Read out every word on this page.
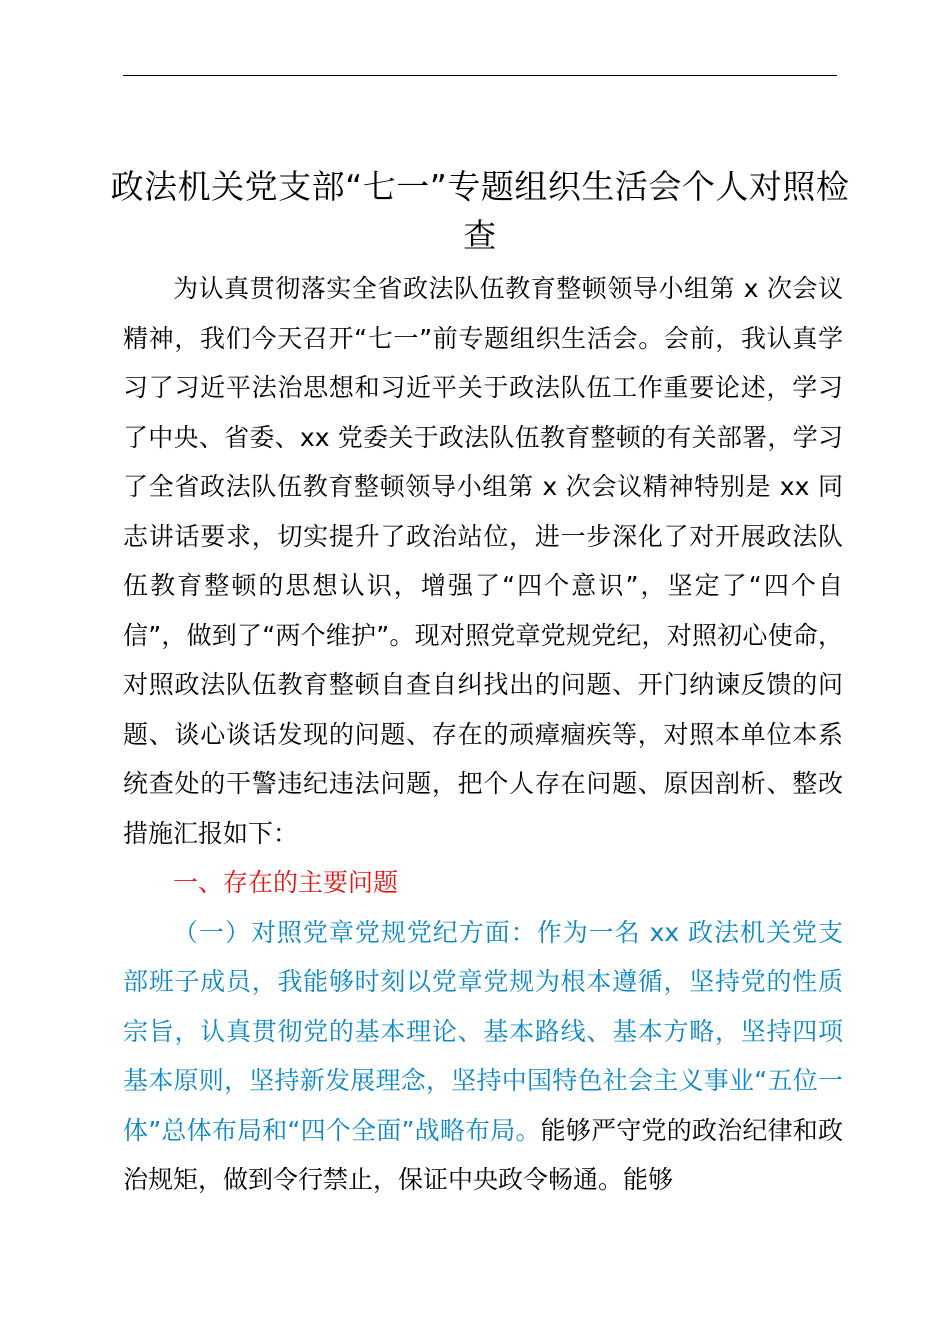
政法机关党支部“七一”专题组织生活会个人对照检查

为认真贯彻落实全省政法队伍教育整顿领导小组第 x 次会议精神，我们今天召开“七一”前专题组织生活会。会前，我认真学习了习近平法治思想和习近平关于政法队伍工作重要论述，学习了中央、省委、xx 党委关于政法队伍教育整顿的有关部署，学习了全省政法队伍教育整顿领导小组第 x 次会议精神特别是 xx 同志讲话要求，切实提升了政治站位，进一步深化了对开展政法队伍教育整顿的思想认识，增强了“四个意识”，坚定了“四个自信”，做到了“两个维护”。现对照党章党规党纪，对照初心使命，对照政法队伍教育整顿自查自纠找出的问题、开门纳谏反馈的问题、谈心谈话发现的问题、存在的顽瘴痼疾等，对照本单位本系统查处的干警违纪违法问题，把个人存在问题、原因剖析、整改措施汇报如下：

一、存在的主要问题

（一）对照党章党规党纪方面：作为一名 xx 政法机关党支部班子成员，我能够时刻以党章党规为根本遵循，坚持党的性质宗旨，认真贯彻党的基本理论、基本路线、基本方略，坚持四项基本原则，坚持新发展理念，坚持中国特色社会主义事业“五位一体”总体布局和“四个全面”战略布局。能够严守党的政治纪律和政治规矩，做到令行禁止，保证中央政令畅通。能够
